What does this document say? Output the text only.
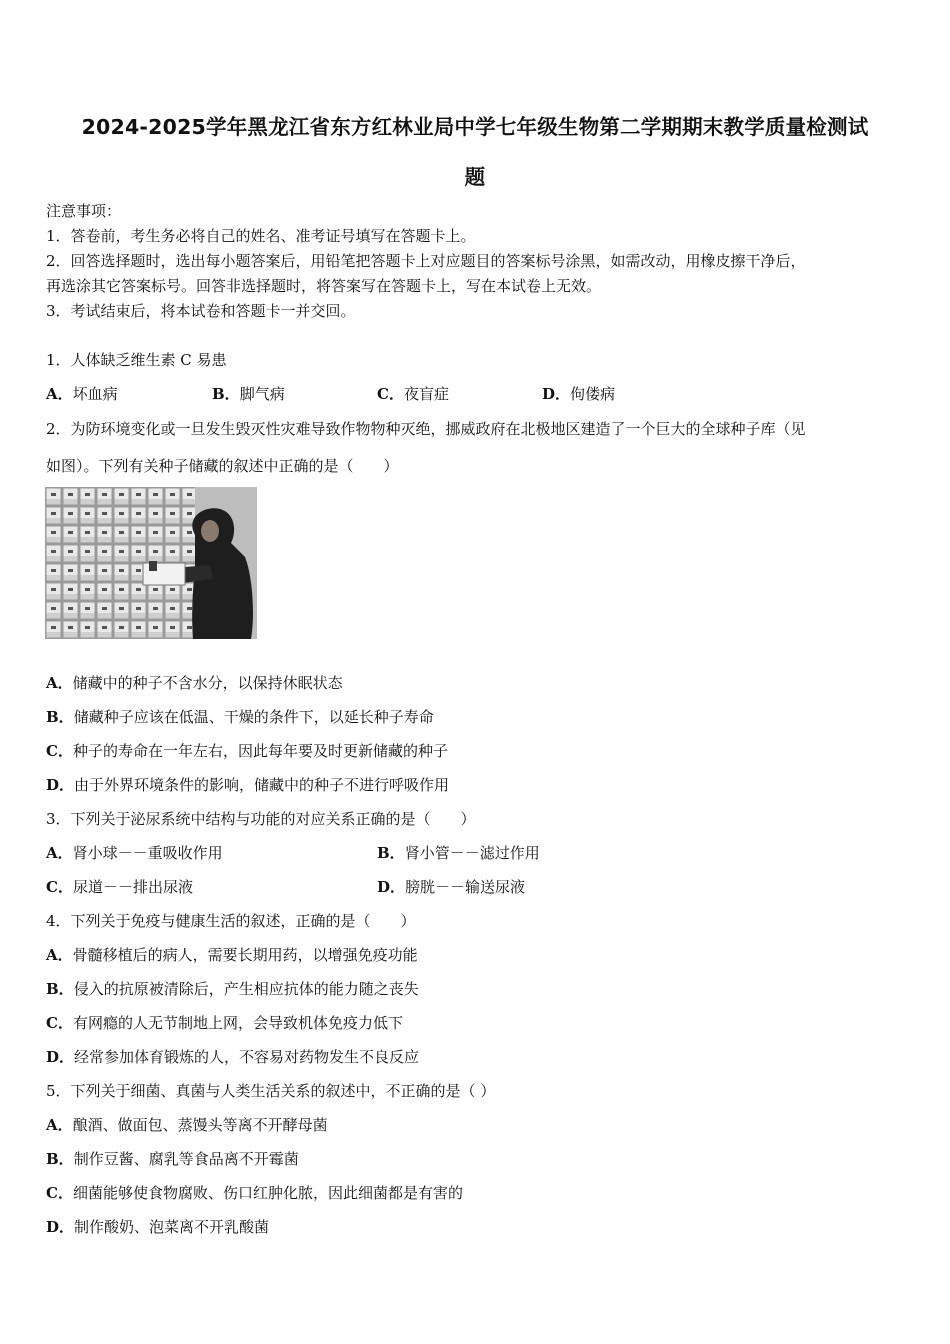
2024-2025学年黑龙江省东方红林业局中学七年级生物第二学期期末教学质量检测试
题
注意事项：
1．答卷前，考生务必将自己的姓名、准考证号填写在答题卡上。
2．回答选择题时，选出每小题答案后，用铅笔把答题卡上对应题目的答案标号涂黑，如需改动，用橡皮擦干净后，
再选涂其它答案标号。回答非选择题时，将答案写在答题卡上，写在本试卷上无效。
3．考试结束后，将本试卷和答题卡一并交回。
1．人体缺乏维生素 C 易患
A．坏血病	B．脚气病	C．夜盲症	D．佝偻病
2．为防环境变化或一旦发生毁灭性灾难导致作物物种灭绝，挪威政府在北极地区建造了一个巨大的全球种子库（见
如图）。下列有关种子储藏的叙述中正确的是（　　）
A．储藏中的种子不含水分，以保持休眠状态
B．储藏种子应该在低温、干燥的条件下，以延长种子寿命
C．种子的寿命在一年左右，因此每年要及时更新储藏的种子
D．由于外界环境条件的影响，储藏中的种子不进行呼吸作用
3．下列关于泌尿系统中结构与功能的对应关系正确的是（　　）
A．肾小球－－重吸收作用	B．肾小管－－滤过作用
C．尿道－－排出尿液	D．膀胱－－输送尿液
4．下列关于免疫与健康生活的叙述，正确的是（　　）
A．骨髓移植后的病人，需要长期用药，以增强免疫功能
B．侵入的抗原被清除后，产生相应抗体的能力随之丧失
C．有网瘾的人无节制地上网，会导致机体免疫力低下
D．经常参加体育锻炼的人，不容易对药物发生不良反应
5．下列关于细菌、真菌与人类生活关系的叙述中，不正确的是（ ）
A．酿酒、做面包、蒸馒头等离不开酵母菌
B．制作豆酱、腐乳等食品离不开霉菌
C．细菌能够使食物腐败、伤口红肿化脓，因此细菌都是有害的
D．制作酸奶、泡菜离不开乳酸菌
